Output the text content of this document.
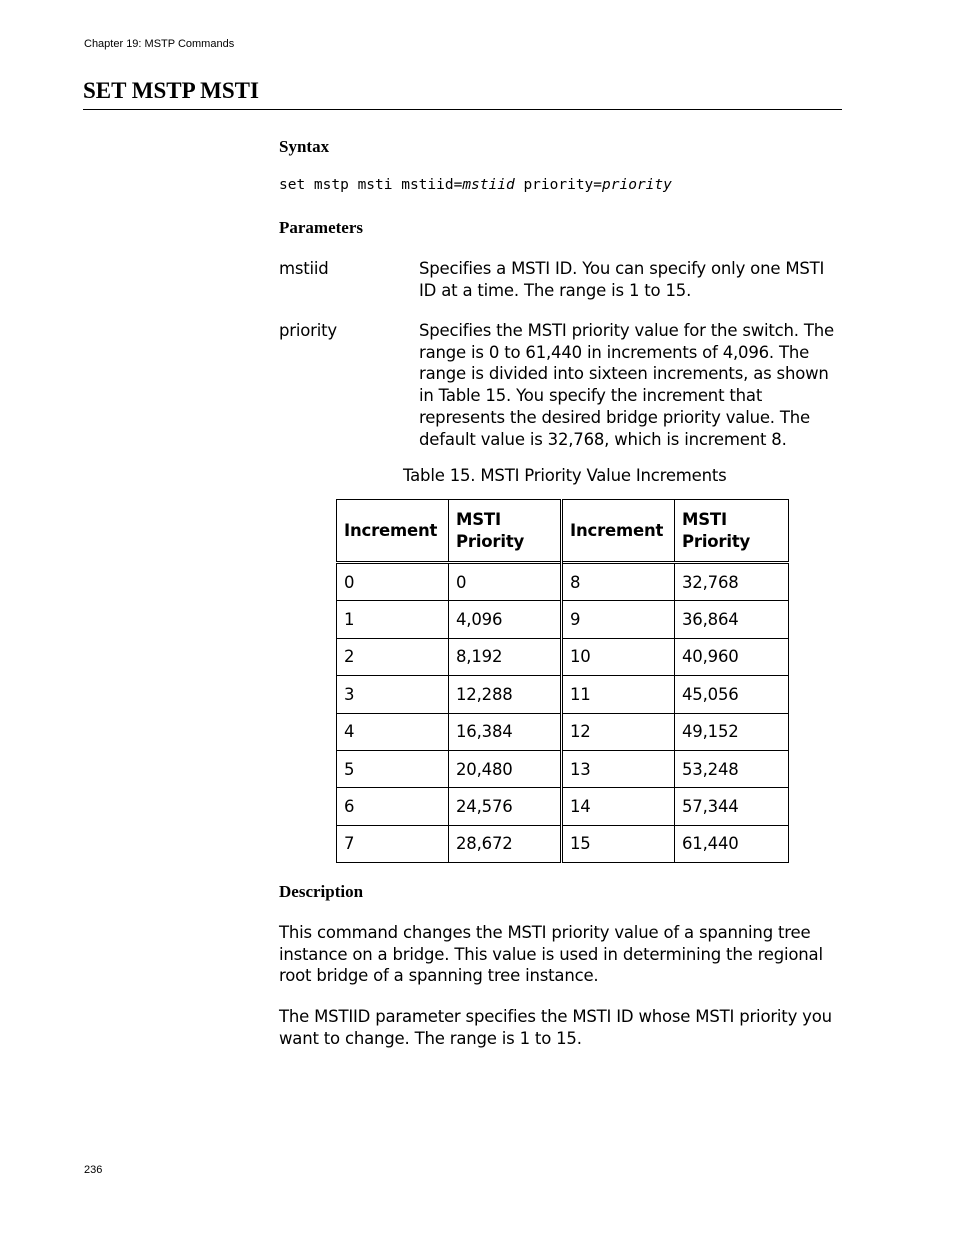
Chapter 19: MSTP Commands
SET MSTP MSTI
Syntax
set mstp msti mstiid=mstiid priority=priority
Parameters
mstiid	Specifies a MSTI ID. You can specify only one MSTI ID at a time. The range is 1 to 15.
priority	Specifies the MSTI priority value for the switch. The range is 0 to 61,440 in increments of 4,096. The range is divided into sixteen increments, as shown in Table 15. You specify the increment that represents the desired bridge priority value. The default value is 32,768, which is increment 8.
Table 15. MSTI Priority Value Increments
Increment	MSTI Priority	Increment	MSTI Priority
0	0	8	32,768
1	4,096	9	36,864
2	8,192	10	40,960
3	12,288	11	45,056
4	16,384	12	49,152
5	20,480	13	53,248
6	24,576	14	57,344
7	28,672	15	61,440
Description
This command changes the MSTI priority value of a spanning tree instance on a bridge. This value is used in determining the regional root bridge of a spanning tree instance.
The MSTIID parameter specifies the MSTI ID whose MSTI priority you want to change. The range is 1 to 15.
236
